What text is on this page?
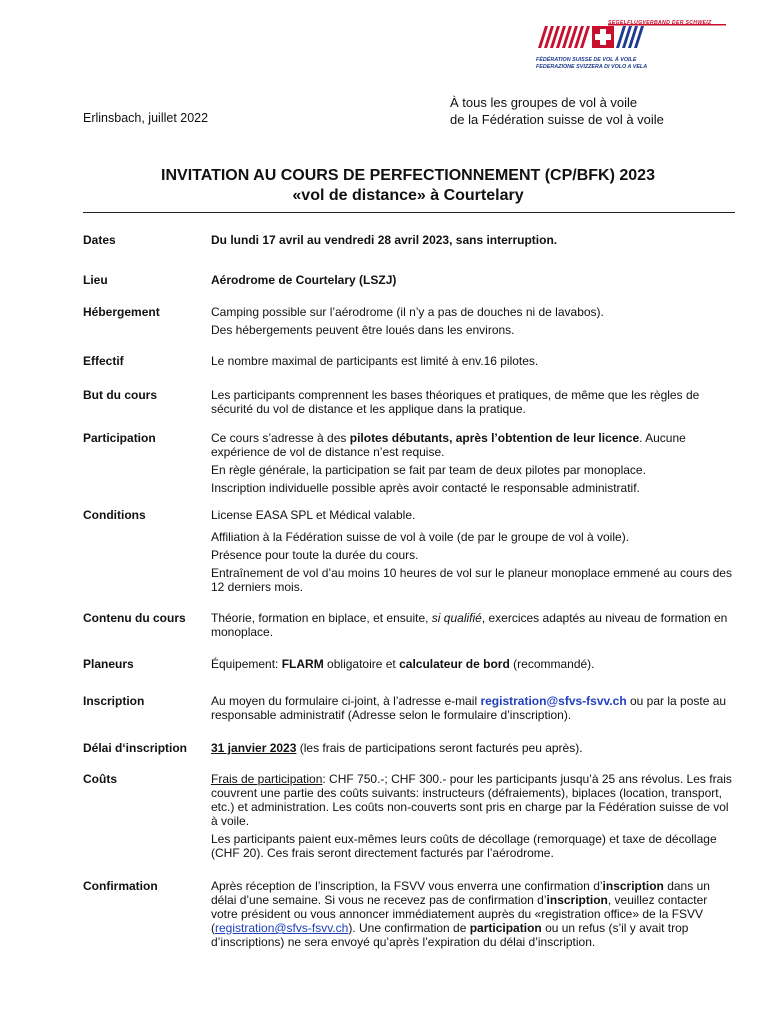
SEGELFLUGVERBAND DER SCHWEIZ
FÉDÉRATION SUISSE DE VOL À VOILE
FEDERAZIONE SVIZZERA DI VOLO A VELA
À tous les groupes de vol à voile
de la Fédération suisse de vol à voile
Erlinsbach, juillet 2022
INVITATION AU COURS DE PERFECTIONNEMENT (CP/BFK) 2023
«vol de distance» à Courtelary
Dates	Du lundi 17 avril au vendredi 28 avril 2023, sans interruption.
Lieu	Aérodrome de Courtelary (LSZJ)
Hébergement	Camping possible sur l’aérodrome (il n’y a pas de douches ni de lavabos).

Des hébergements peuvent être loués dans les environs.

Effectif	Le nombre maximal de participants est limité à env.16 pilotes.
But du cours	Les participants comprennent les bases théoriques et pratiques, de même que les règles de sécurité du vol de distance et les applique dans la pratique.
Participation	Ce cours s’adresse à des pilotes débutants, après l’obtention de leur licence. Aucune expérience de vol de distance n’est requise.

En règle générale, la participation se fait par team de deux pilotes par monoplace.

Inscription individuelle possible après avoir contacté le responsable administratif.

Conditions	License EASA SPL et Médical valable.

Affiliation à la Fédération suisse de vol à voile (de par le groupe de vol à voile).

Présence pour toute la durée du cours.

Entraînement de vol d’au moins 10 heures de vol sur le planeur monoplace emmené au cours des 12 derniers mois.

Contenu du cours	Théorie, formation en biplace, et ensuite, si qualifié, exercices adaptés au niveau de formation en monoplace.
Planeurs	Équipement: FLARM obligatoire et calculateur de bord (recommandé).
Inscription	Au moyen du formulaire ci-joint, à l’adresse e-mail registration@sfvs-fsvv.ch ou par la poste au responsable administratif (Adresse selon le formulaire d’inscription).
Délai d‘inscription	31 janvier 2023 (les frais de participations seront facturés peu après).
Coûts	Frais de participation: CHF 750.-; CHF 300.- pour les participants jusqu’à 25 ans révolus. Les frais couvrent une partie des coûts suivants: instructeurs (défraiements), biplaces (location, transport, etc.) et administration. Les coûts non-couverts sont pris en charge par la Fédération suisse de vol à voile.

Les participants paient eux-mêmes leurs coûts de décollage (remorquage) et taxe de décollage (CHF 20). Ces frais seront directement facturés par l’aérodrome.

Confirmation	Après réception de l’inscription, la FSVV vous enverra une confirmation d’inscription dans un délai d’une semaine. Si vous ne recevez pas de confirmation d’inscription, veuillez contacter votre président ou vous annoncer immédiatement auprès du «registration office» de la FSVV (registration@sfvs-fsvv.ch). Une confirmation de participation ou un refus (s’il y avait trop d’inscriptions) ne sera envoyé qu’après l’expiration du délai d’inscription.
